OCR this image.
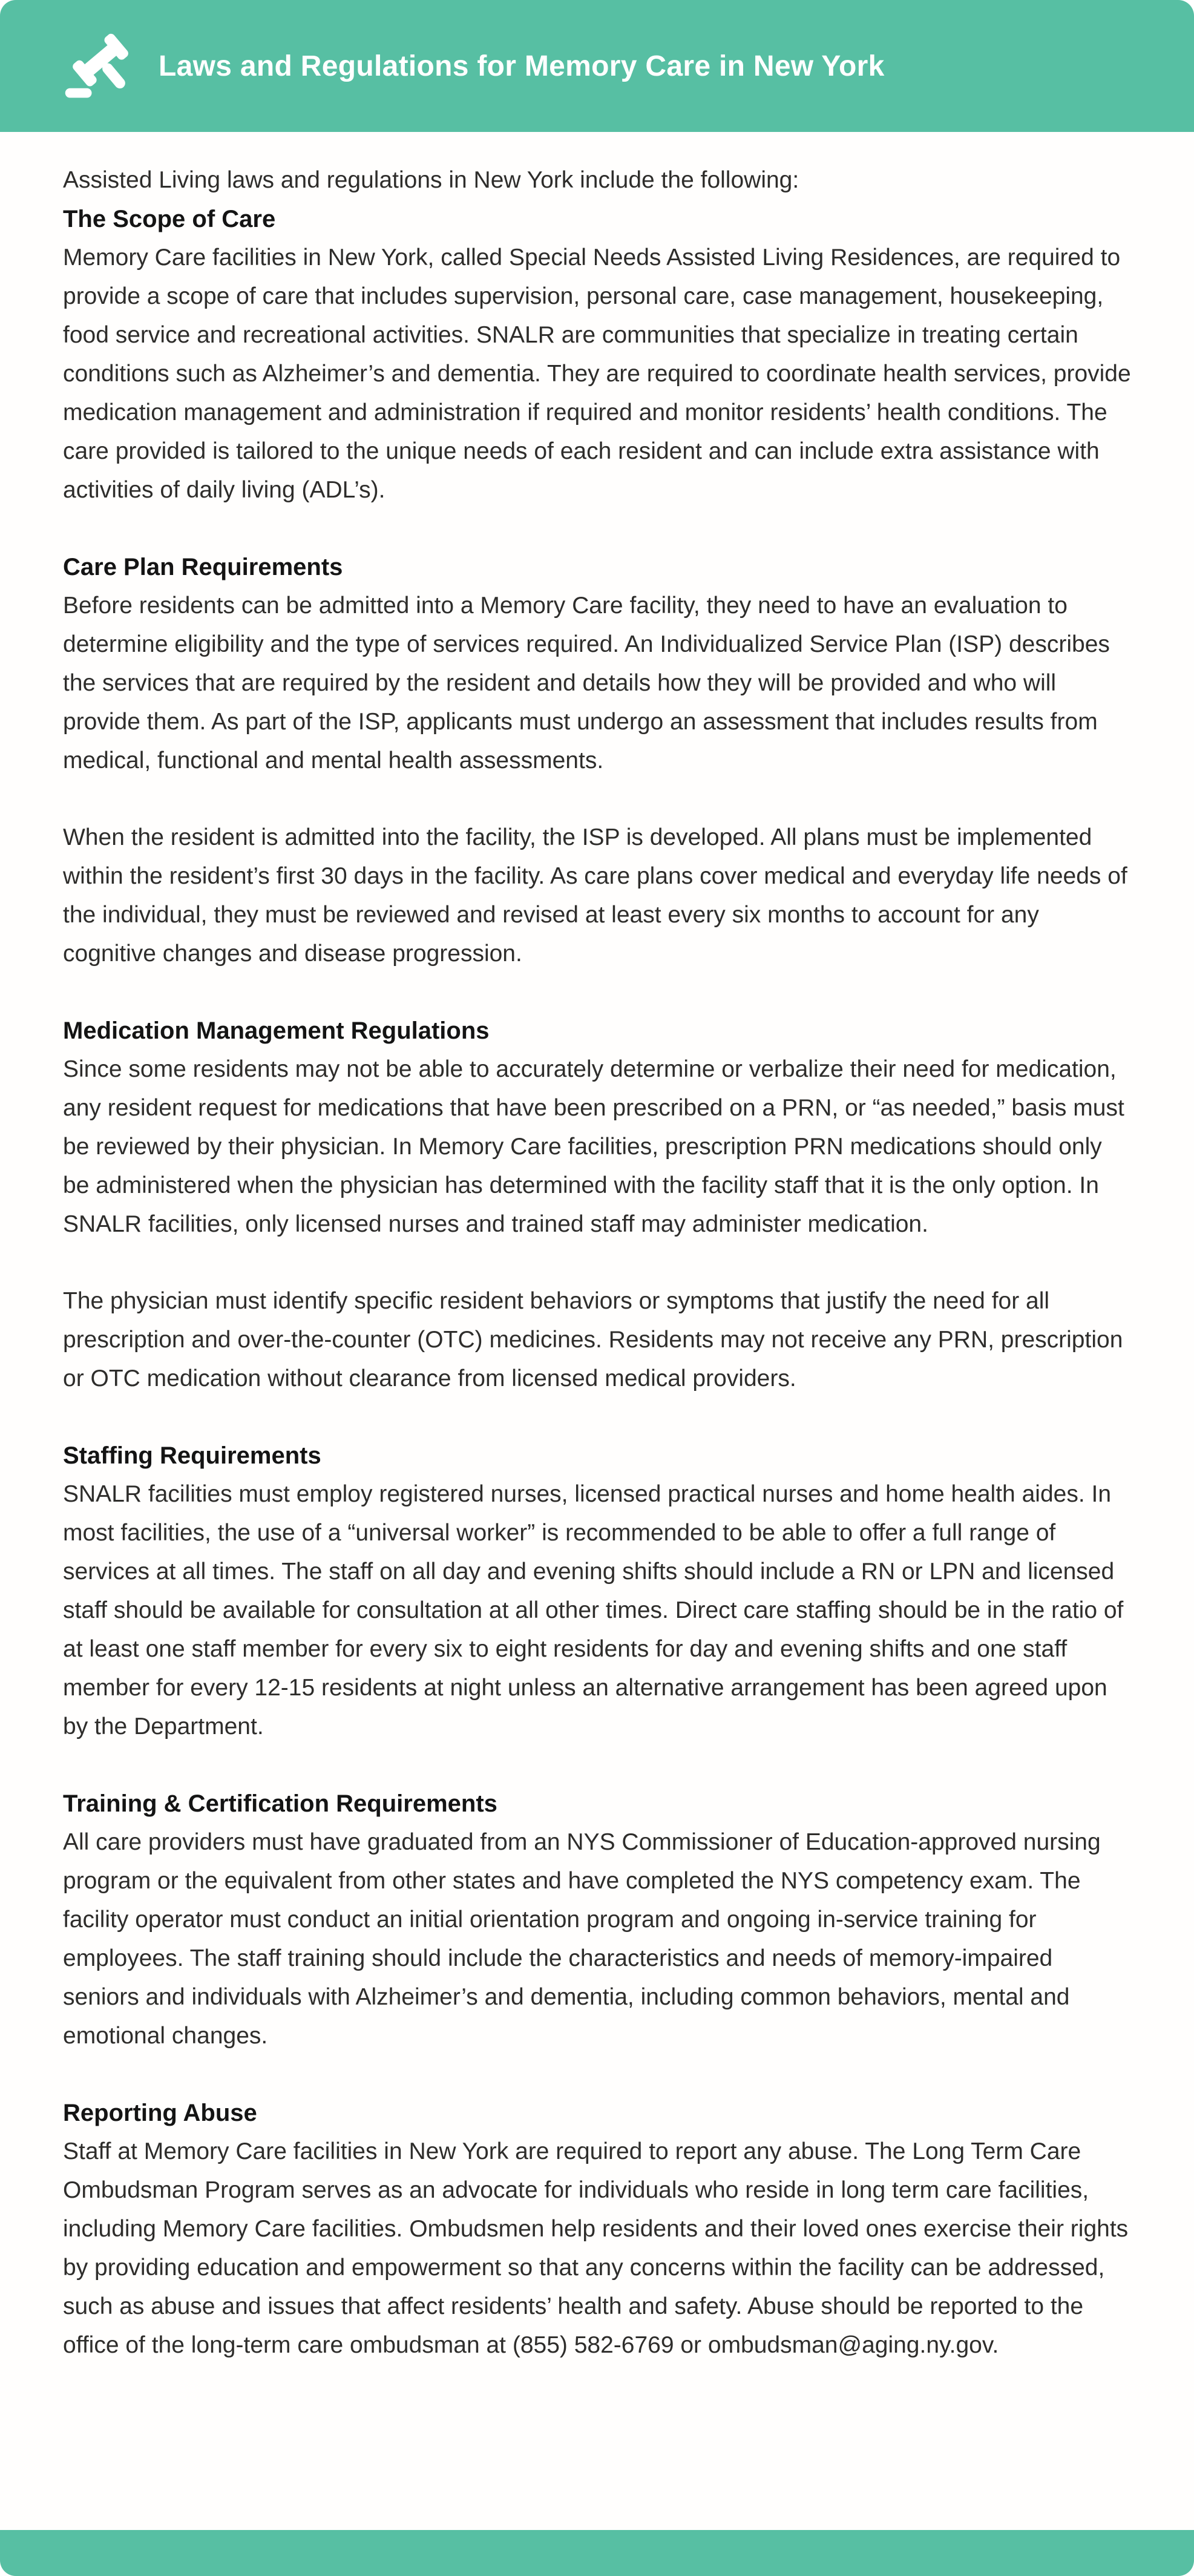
Laws and Regulations for Memory Care in New York

Assisted Living laws and regulations in New York include the following:

The Scope of Care

Memory Care facilities in New York, called Special Needs Assisted Living Residences, are required to provide a scope of care that includes supervision, personal care, case management, housekeeping, food service and recreational activities. SNALR are communities that specialize in treating certain conditions such as Alzheimer’s and dementia. They are required to coordinate health services, provide medication management and administration if required and monitor residents’ health conditions. The care provided is tailored to the unique needs of each resident and can include extra assistance with activities of daily living (ADL’s).

Care Plan Requirements

Before residents can be admitted into a Memory Care facility, they need to have an evaluation to determine eligibility and the type of services required. An Individualized Service Plan (ISP) describes the services that are required by the resident and details how they will be provided and who will provide them. As part of the ISP, applicants must undergo an assessment that includes results from medical, functional and mental health assessments.

When the resident is admitted into the facility, the ISP is developed. All plans must be implemented within the resident’s first 30 days in the facility. As care plans cover medical and everyday life needs of the individual, they must be reviewed and revised at least every six months to account for any cognitive changes and disease progression.

Medication Management Regulations

Since some residents may not be able to accurately determine or verbalize their need for medication, any resident request for medications that have been prescribed on a PRN, or “as needed,” basis must be reviewed by their physician. In Memory Care facilities, prescription PRN medications should only be administered when the physician has determined with the facility staff that it is the only option. In SNALR facilities, only licensed nurses and trained staff may administer medication.

The physician must identify specific resident behaviors or symptoms that justify the need for all prescription and over-the-counter (OTC) medicines. Residents may not receive any PRN, prescription or OTC medication without clearance from licensed medical providers.

Staffing Requirements

SNALR facilities must employ registered nurses, licensed practical nurses and home health aides. In most facilities, the use of a “universal worker” is recommended to be able to offer a full range of services at all times. The staff on all day and evening shifts should include a RN or LPN and licensed staff should be available for consultation at all other times. Direct care staffing should be in the ratio of at least one staff member for every six to eight residents for day and evening shifts and one staff member for every 12-15 residents at night unless an alternative arrangement has been agreed upon by the Department.

Training & Certification Requirements

All care providers must have graduated from an NYS Commissioner of Education-approved nursing program or the equivalent from other states and have completed the NYS competency exam. The facility operator must conduct an initial orientation program and ongoing in-service training for employees. The staff training should include the characteristics and needs of memory-impaired seniors and individuals with Alzheimer’s and dementia, including common behaviors, mental and emotional changes.

Reporting Abuse

Staff at Memory Care facilities in New York are required to report any abuse. The Long Term Care Ombudsman Program serves as an advocate for individuals who reside in long term care facilities, including Memory Care facilities. Ombudsmen help residents and their loved ones exercise their rights by providing education and empowerment so that any concerns within the facility can be addressed, such as abuse and issues that affect residents’ health and safety. Abuse should be reported to the office of the long-term care ombudsman at (855) 582-6769 or ombudsman@aging.ny.gov.
